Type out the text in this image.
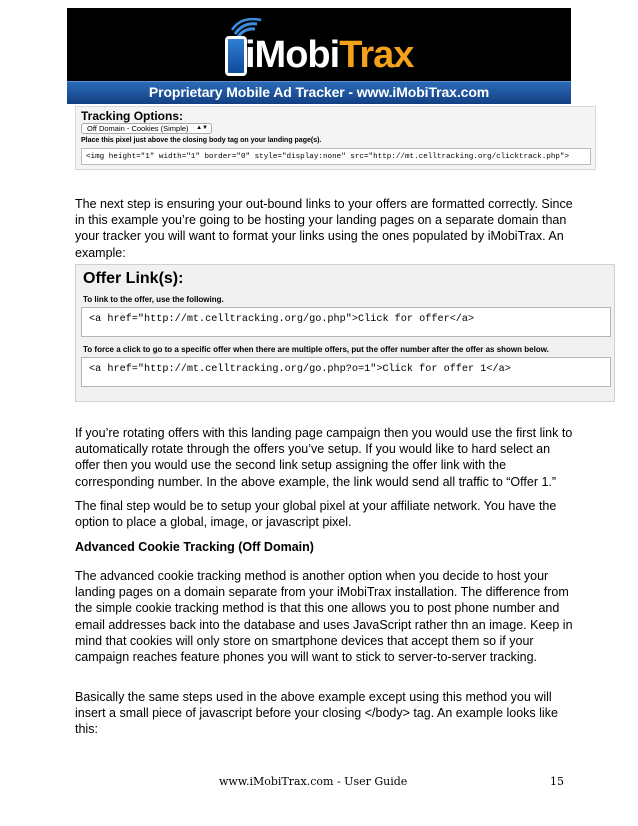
iMobiTrax
Proprietary Mobile Ad Tracker - www.iMobiTrax.com
Tracking Options:
Off Domain - Cookies (Simple) ▲▼
Place this pixel just above the closing body tag on your landing page(s).
<img height="1" width="1" border="0" style="display:none" src="http://mt.celltracking.org/clicktrack.php">
The next step is ensuring your out-bound links to your offers are formatted correctly. Since in this example you’re going to be hosting your landing pages on a separate domain than your tracker you will want to format your links using the ones populated by iMobiTrax. An example:
Offer Link(s):
To link to the offer, use the following.
<a href="http://mt.celltracking.org/go.php">Click for offer</a>
To force a click to go to a specific offer when there are multiple offers, put the offer number after the offer as shown below.
<a href="http://mt.celltracking.org/go.php?o=1">Click for offer 1</a>
If you’re rotating offers with this landing page campaign then you would use the first link to automatically rotate through the offers you’ve setup. If you would like to hard select an offer then you would use the second link setup assigning the offer link with the corresponding number. In the above example, the link would send all traffic to “Offer 1.”
The final step would be to setup your global pixel at your affiliate network. You have the option to place a global, image, or javascript pixel.
Advanced Cookie Tracking (Off Domain)
The advanced cookie tracking method is another option when you decide to host your landing pages on a domain separate from your iMobiTrax installation. The difference from the simple cookie tracking method is that this one allows you to post phone number and email addresses back into the database and uses JavaScript rather thn an image. Keep in mind that cookies will only store on smartphone devices that accept them so if your campaign reaches feature phones you will want to stick to server-to-server tracking.
Basically the same steps used in the above example except using this method you will insert a small piece of javascript before your closing </body> tag. An example looks like this:
www.iMobiTrax.com - User Guide	15
